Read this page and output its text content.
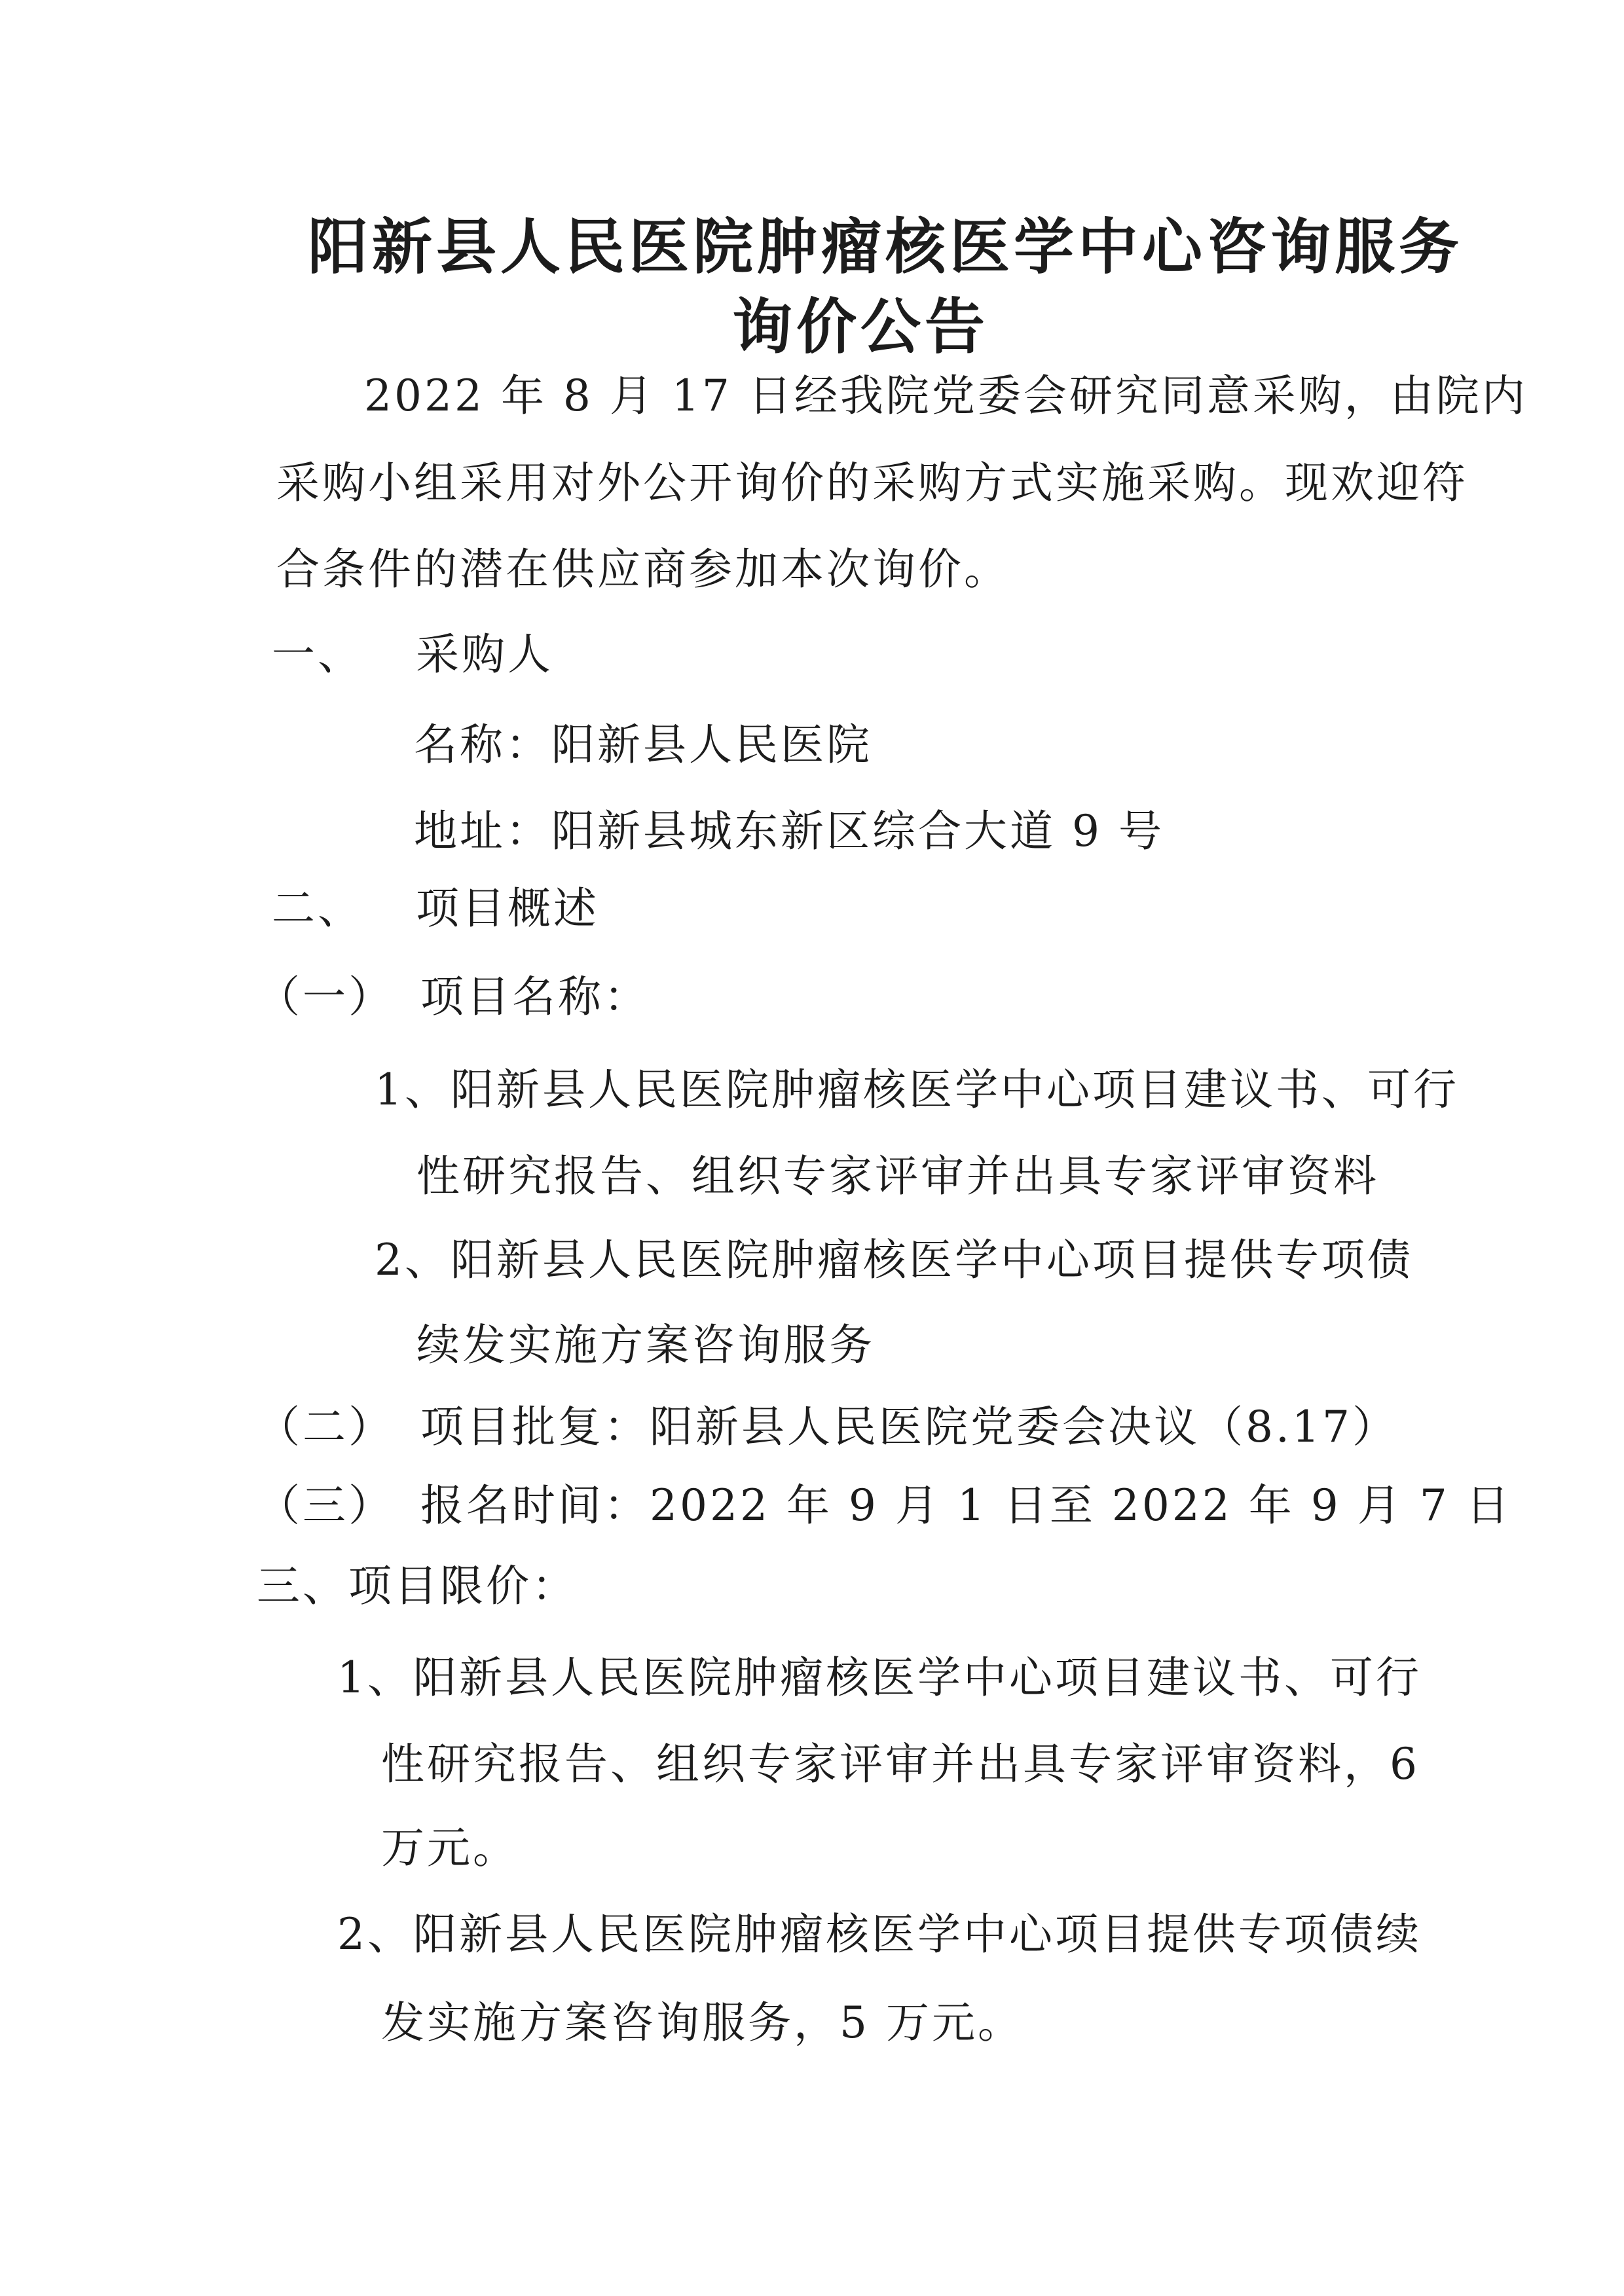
阳新县人民医院肿瘤核医学中心咨询服务
询价公告
2022 年 8 月 17 日经我院党委会研究同意采购，由院内
采购小组采用对外公开询价的采购方式实施采购。现欢迎符
合条件的潜在供应商参加本次询价。
一、 采购人
名称：阳新县人民医院
地址：阳新县城东新区综合大道 9 号
二、 项目概述
（一） 项目名称：
1、阳新县人民医院肿瘤核医学中心项目建议书、可行
性研究报告、组织专家评审并出具专家评审资料
2、阳新县人民医院肿瘤核医学中心项目提供专项债
续发实施方案咨询服务
（二） 项目批复：阳新县人民医院党委会决议（8.17）
（三） 报名时间：2022 年 9 月 1 日至 2022 年 9 月 7 日
三、项目限价：
1、阳新县人民医院肿瘤核医学中心项目建议书、可行
性研究报告、组织专家评审并出具专家评审资料，6
万元。
2、阳新县人民医院肿瘤核医学中心项目提供专项债续
发实施方案咨询服务，5 万元。
